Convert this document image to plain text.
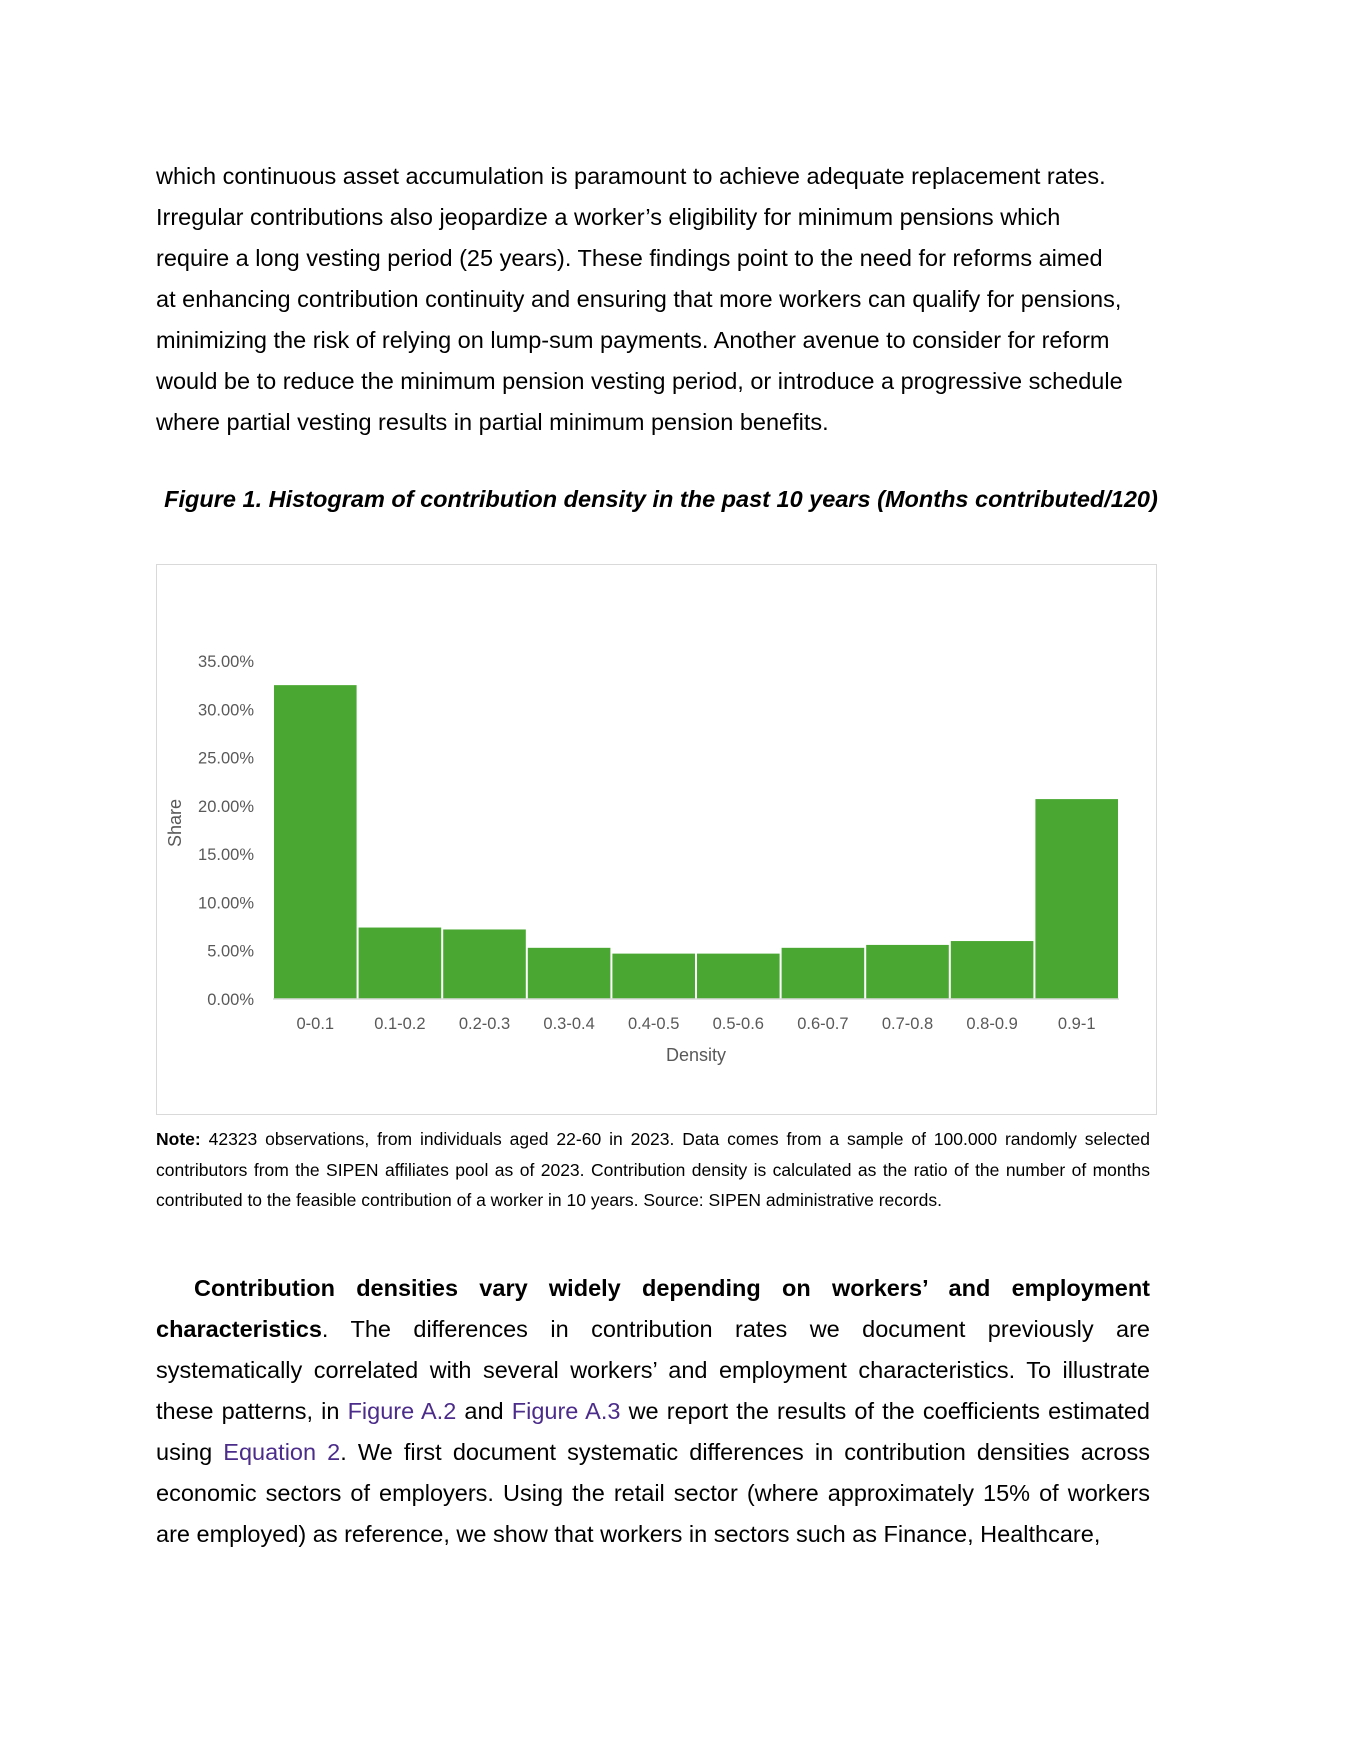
which continuous asset accumulation is paramount to achieve adequate replacement rates.

Irregular contributions also jeopardize a worker’s eligibility for minimum pensions which

require a long vesting period (25 years). These findings point to the need for reforms aimed

at enhancing contribution continuity and ensuring that more workers can qualify for pensions,

minimizing the risk of relying on lump-sum payments. Another avenue to consider for reform

would be to reduce the minimum pension vesting period, or introduce a progressive schedule

where partial vesting results in partial minimum pension benefits.

Figure 1. Histogram of contribution density in the past 10 years (Months contributed/120)
0.00%
5.00%
10.00%
15.00%
20.00%
25.00%
30.00%
35.00%
0-0.1 0.1-0.2 0.2-0.3 0.3-0.4 0.4-0.5 0.5-0.6 0.6-0.7 0.7-0.8 0.8-0.9 0.9-1
Density
Share
Note: 42323 observations, from individuals aged 22-60 in 2023. Data comes from a sample of 100.000 randomly selected contributors from the SIPEN affiliates pool as of 2023. Contribution density is calculated as the ratio of the number of months contributed to the feasible contribution of a worker in 10 years. Source: SIPEN administrative records.

Contribution densities vary widely depending on workers’ and employment characteristics. The differences in contribution rates we document previously are systematically correlated with several workers’ and employment characteristics. To illustrate these patterns, in Figure A.2 and Figure A.3 we report the results of the coefficients estimated using Equation 2. We first document systematic differences in contribution densities across economic sectors of employers. Using the retail sector (where approximately 15% of workers are employed) as reference, we show that workers in sectors such as Finance, Healthcare,
